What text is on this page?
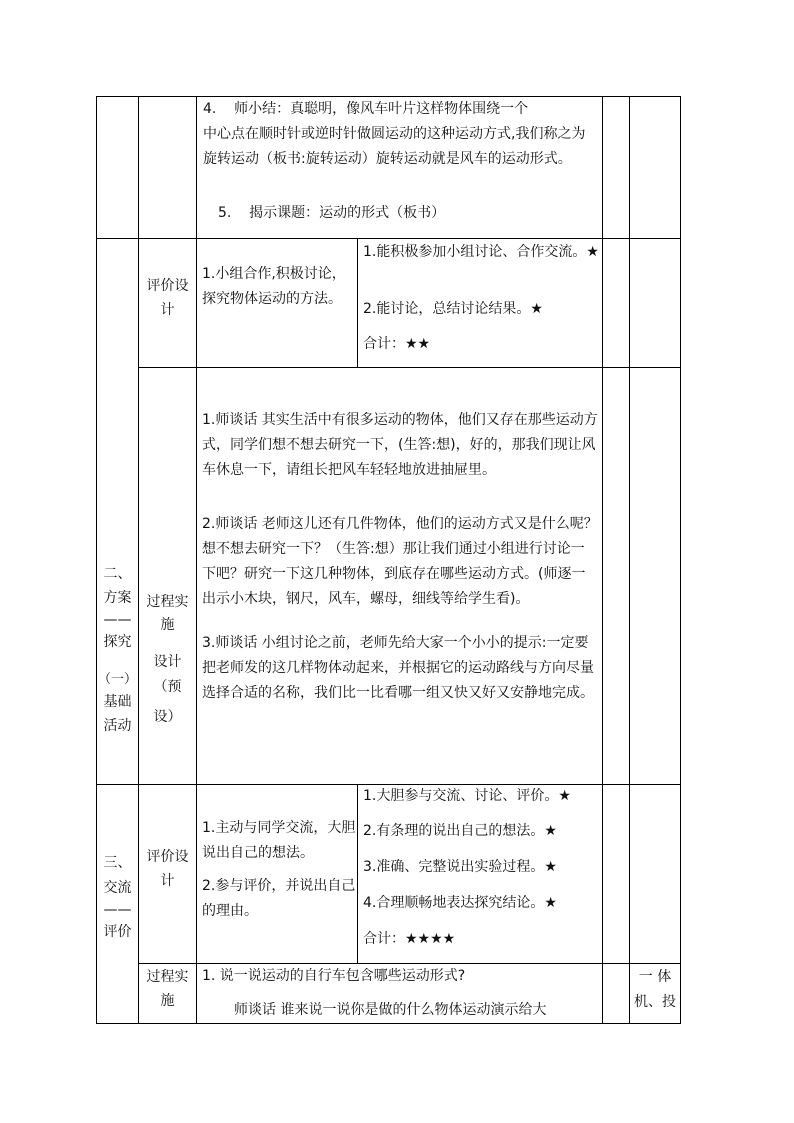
4.    师小结：真聪明，像风车叶片这样物体围绕一个
中心点在顺时针或逆时针做圆运动的这种运动方式,我们称之为旋转运动（板书:旋转运动）旋转运动就是风车的运动形式。
5.    揭示课题：运动的形式（板书）
二、
方案
——
探究
（一）
基础
活动
评价设
计
1.小组合作,积极讨论，探究物体运动的方法。
1.能积极参加小组讨论、合作交流。★
2.能讨论，总结讨论结果。★
合计：★★
过程实
施
设计
（预
设）
1.师谈话 其实生活中有很多运动的物体，他们又存在那些运动方式，同学们想不想去研究一下，(生答:想)，好的，那我们现让风车休息一下，请组长把风车轻轻地放进抽屉里。
2.师谈话 老师这儿还有几件物体，他们的运动方式又是什么呢？想不想去研究一下？（生答:想）那让我们通过小组进行讨论一下吧？研究一下这几种物体，到底存在哪些运动方式。(师逐一出示小木块，钢尺，风车，螺母，细线等给学生看)。
3.师谈话 小组讨论之前，老师先给大家一个小小的提示:一定要把老师发的这几样物体动起来，并根据它的运动路线与方向尽量选择合适的名称，我们比一比看哪一组又快又好又安静地完成。
三、
交流
——
评价
评价设
计
1.主动与同学交流，大胆说出自己的想法。
2.参与评价，并说出自己的理由。
1.大胆参与交流、讨论、评价。★
2.有条理的说出自己的想法。★
3.准确、完整说出实验过程。★
4.合理顺畅地表达探究结论。★
合计：★★★★
过程实
施
1. 说一说运动的自行车包含哪些运动形式?
师谈话 谁来说一说你是做的什么物体运动演示给大
一 体
机、投
